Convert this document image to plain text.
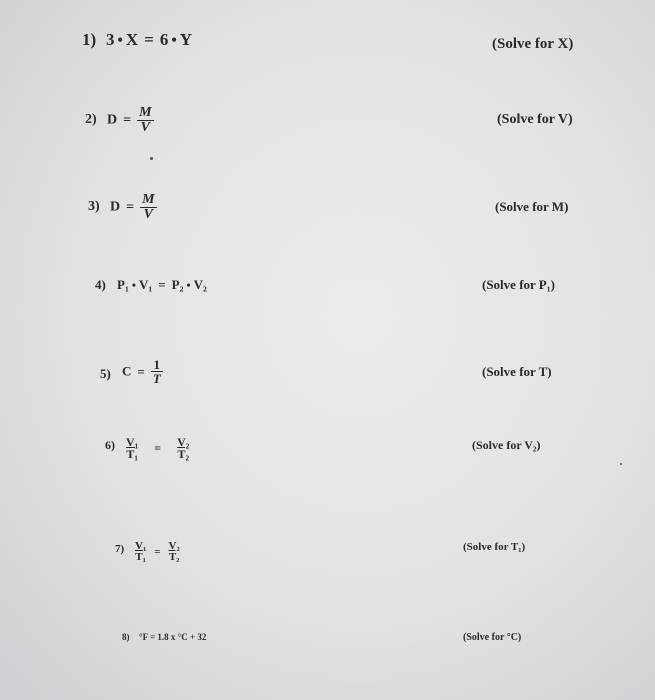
1) 3 • X = 6 • Y	(Solve for X)
2) $D = \frac{M}{V}$	(Solve for V)
3) $D = \frac{M}{V}$	(Solve for M)
4) P₁ • V₁ = P₂ • V₂	(Solve for P₁)
5) $C = \frac{1}{T}$	(Solve for T)
$6) \frac{\text{V₁}}{\text{T₁}} = \frac{\text{V₂}}{\text{T₂}}$	(Solve for V₂)
$7) \frac{\text{V₁}}{\text{T₁}} = \frac{\text{V₂}}{\text{T₂}}$	(Solve for T₁)
8) °F = 1.8 x °C + 32	(Solve for °C)
